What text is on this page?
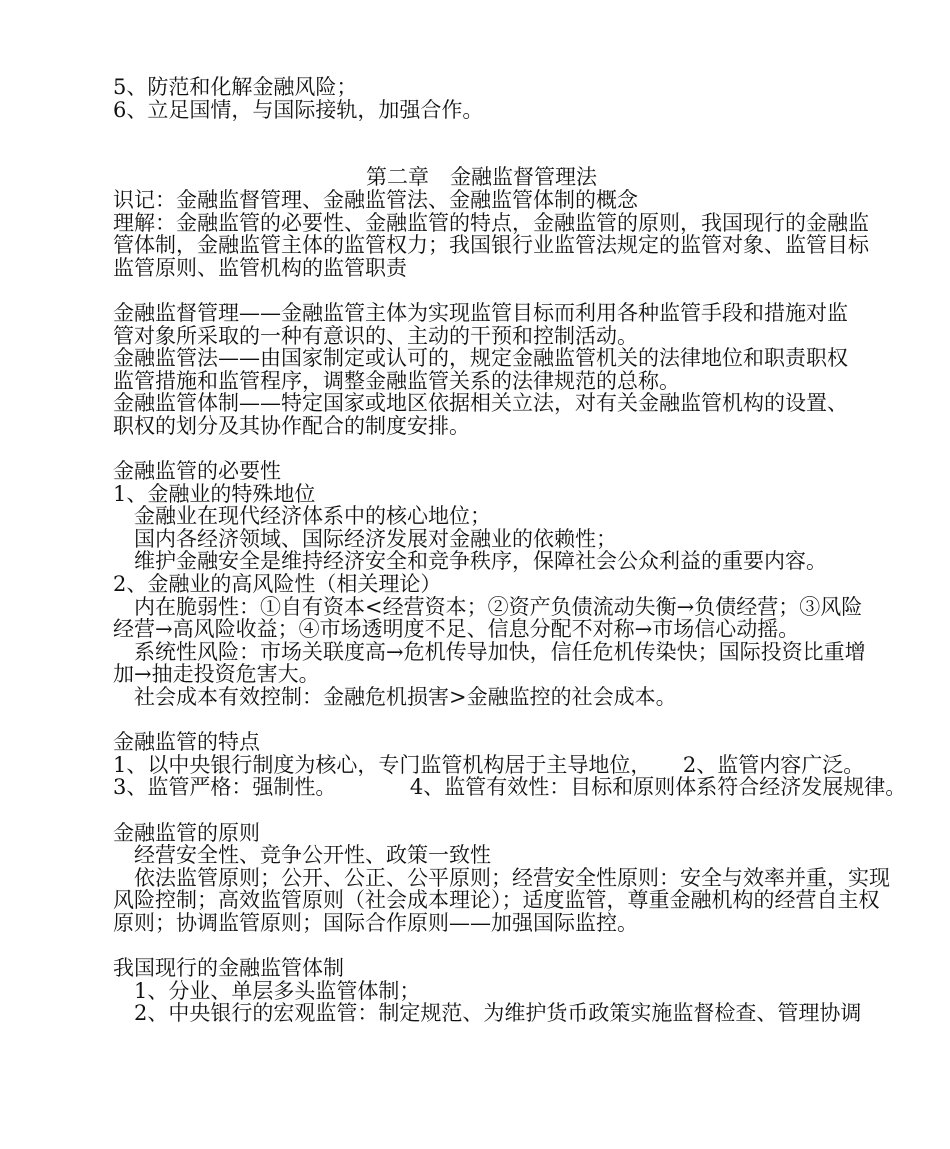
5、防范和化解金融风险；
6、立足国情，与国际接轨，加强合作。
第二章　金融监督管理法
识记：金融监督管理、金融监管法、金融监管体制的概念
理解：金融监管的必要性、金融监管的特点，金融监管的原则，我国现行的金融监
管体制，金融监管主体的监管权力；我国银行业监管法规定的监管对象、监管目标
监管原则、监管机构的监管职责
金融监督管理——金融监管主体为实现监管目标而利用各种监管手段和措施对监
管对象所采取的一种有意识的、主动的干预和控制活动。
金融监管法——由国家制定或认可的，规定金融监管机关的法律地位和职责职权
监管措施和监管程序，调整金融监管关系的法律规范的总称。
金融监管体制——特定国家或地区依据相关立法，对有关金融监管机构的设置、
职权的划分及其协作配合的制度安排。
金融监管的必要性
1、金融业的特殊地位
金融业在现代经济体系中的核心地位；
国内各经济领域、国际经济发展对金融业的依赖性；
维护金融安全是维持经济安全和竞争秩序，保障社会公众利益的重要内容。
2、金融业的高风险性（相关理论）
内在脆弱性：①自有资本<经营资本；②资产负债流动失衡→负债经营；③风险
经营→高风险收益；④市场透明度不足、信息分配不对称→市场信心动摇。
系统性风险：市场关联度高→危机传导加快，信任危机传染快；国际投资比重增
加→抽走投资危害大。
社会成本有效控制：金融危机损害>金融监控的社会成本。
金融监管的特点
1、以中央银行制度为核心，专门监管机构居于主导地位，　　2、监管内容广泛。
3、监管严格：强制性。　　　　4、监管有效性：目标和原则体系符合经济发展规律。
金融监管的原则
经营安全性、竞争公开性、政策一致性
依法监管原则；公开、公正、公平原则；经营安全性原则：安全与效率并重，实现
风险控制；高效监管原则（社会成本理论）；适度监管，尊重金融机构的经营自主权
原则；协调监管原则；国际合作原则——加强国际监控。
我国现行的金融监管体制
1、分业、单层多头监管体制；
2、中央银行的宏观监管：制定规范、为维护货币政策实施监督检查、管理协调
